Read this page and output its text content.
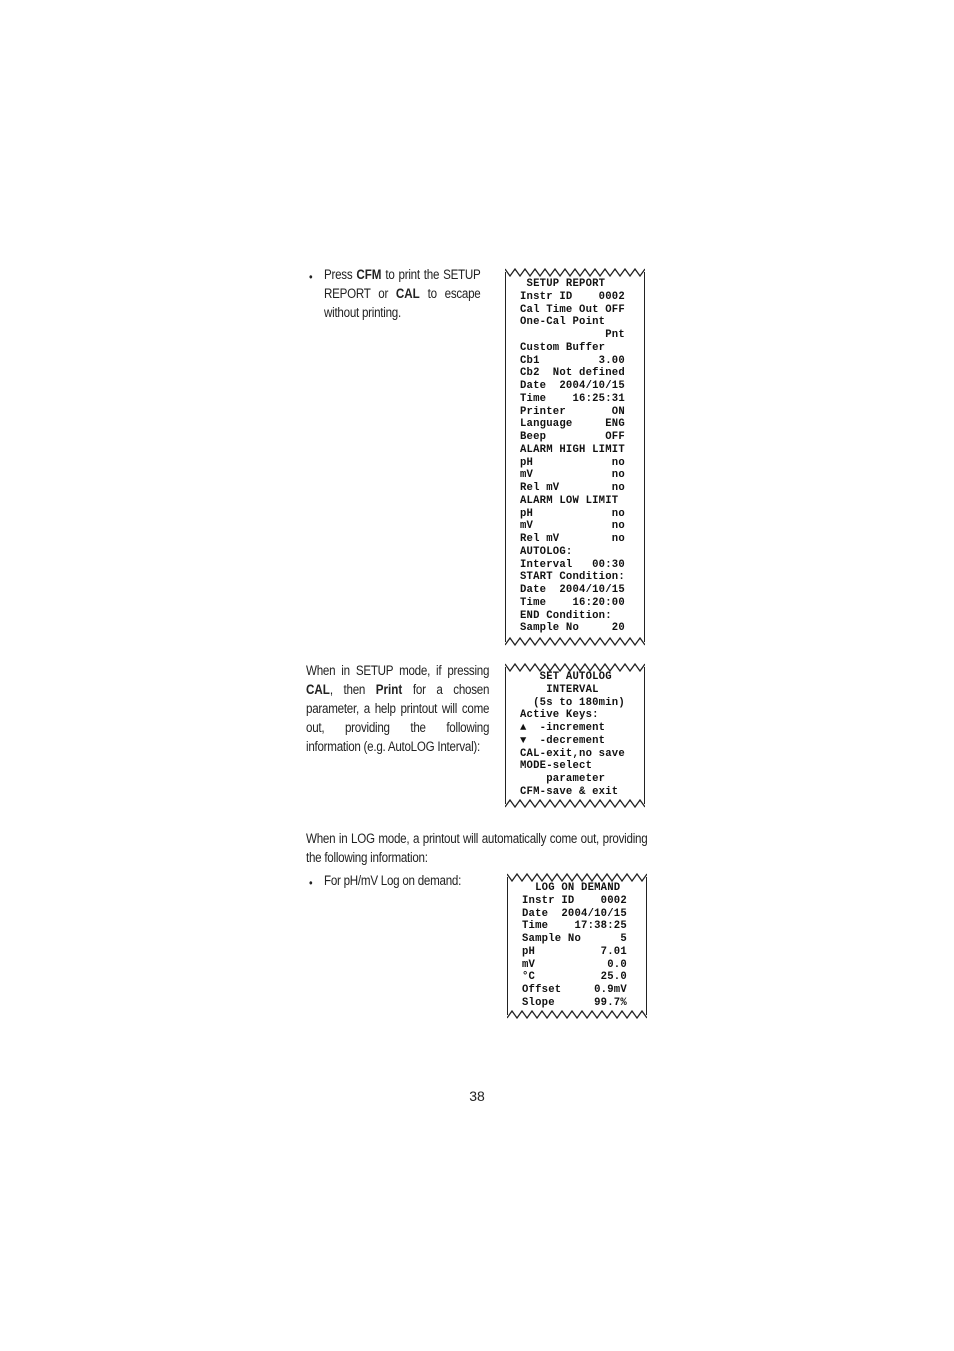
• Press CFM to print the SETUP REPORT or CAL to escape without printing.
SETUP REPORT
Instr ID    0002
Cal Time Out OFF
One-Cal Point
Pnt
Custom Buffer
Cb1         3.00
Cb2  Not defined
Date  2004/10/15
Time    16:25:31
Printer       ON
Language     ENG
Beep         OFF
ALARM HIGH LIMIT
pH            no
mV            no
Rel mV        no
ALARM LOW LIMIT
pH            no
mV            no
Rel mV        no
AUTOLOG:
Interval   00:30
START Condition:
Date  2004/10/15
Time    16:20:00
END Condition:
Sample No     20
When in SETUP mode, if pressing CAL, then Print for a chosen parameter, a help printout will come out, providing the following information (e.g. AutoLOG Interval):
SET AUTOLOG
INTERVAL
(5s to 180min)
Active Keys:
▲  -increment
▼  -decrement
CAL-exit,no save
MODE-select
parameter
CFM-save & exit
When in LOG mode, a printout will automatically come out, providing the following information:
• For pH/mV Log on demand:	LOG ON DEMAND
Instr ID    0002
Date  2004/10/15
Time    17:38:25
Sample No      5
pH          7.01
mV           0.0
°C          25.0
Offset     0.9mV
Slope      99.7%
38
